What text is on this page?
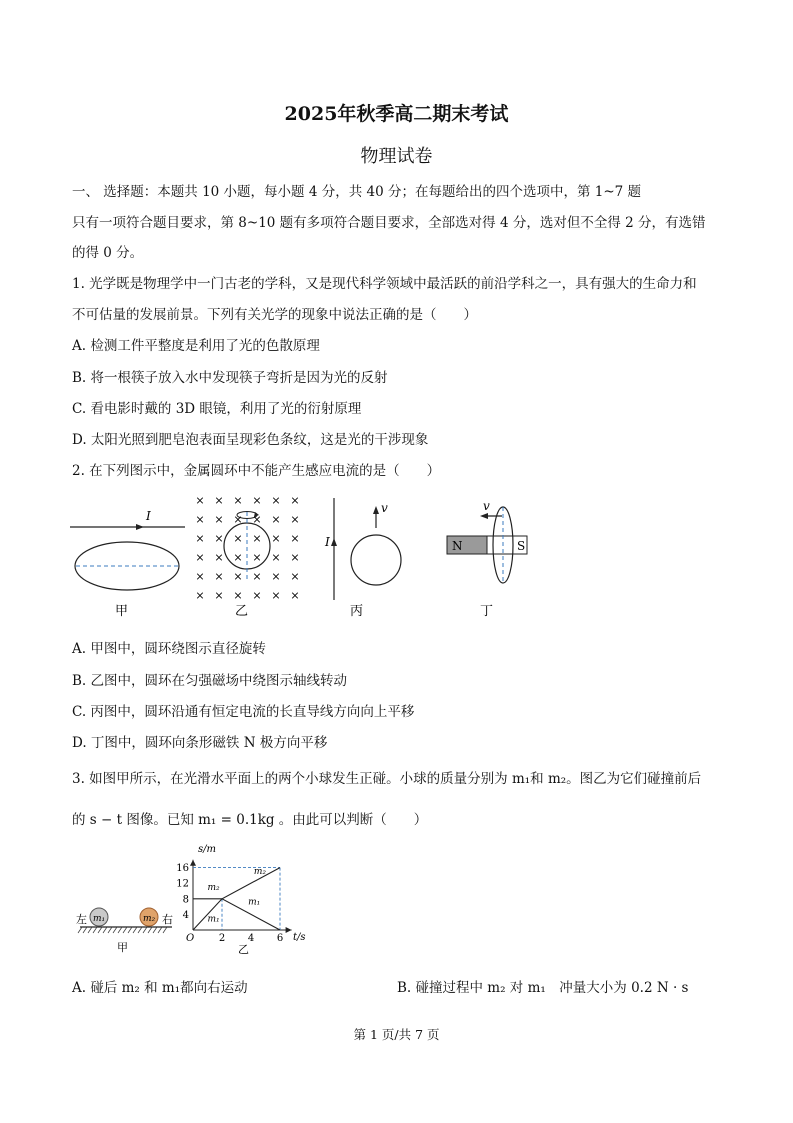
2025年秋季高二期末考试
物理试卷
一、 选择题：本题共 10 小题，每小题 4 分，共 40 分；在每题给出的四个选项中，第 1~7 题
只有一项符合题目要求，第 8~10 题有多项符合题目要求，全部选对得 4 分，选对但不全得 2 分，有选错
的得 0 分。
1. 光学既是物理学中一门古老的学科，又是现代科学领域中最活跃的前沿学科之一，具有强大的生命力和
不可估量的发展前景。下列有关光学的现象中说法正确的是（　　）
A. 检测工件平整度是利用了光的色散原理
B. 将一根筷子放入水中发现筷子弯折是因为光的反射
C. 看电影时戴的 3D 眼镜，利用了光的衍射原理
D. 太阳光照到肥皂泡表面呈现彩色条纹，这是光的干涉现象
2. 在下列图示中，金属圆环中不能产生感应电流的是（　　）
I
甲	乙
× × × × × ×
× × × × × ×
× × × × × ×
× × × × × ×
× × × × × ×
× × × × × ×
I
v
丙
N	S
v
丁
A. 甲图中，圆环绕图示直径旋转
B. 乙图中，圆环在匀强磁场中绕图示轴线转动
C. 丙图中，圆环沿通有恒定电流的长直导线方向向上平移
D. 丁图中，圆环向条形磁铁 N 极方向平移
3. 如图甲所示，在光滑水平面上的两个小球发生正碰。小球的质量分别为 m₁和 m₂。图乙为它们碰撞前后
的 s − t 图像。已知 m₁ = 0.1kg 。由此可以判断（　　）
左 m₁	m₂ 右
甲
s/m
t/s
O
乙
16
12
8
4
2 4 6
m₁
m₁
m₂
m₂
A. 碰后 m₂ 和 m₁都向右运动	B. 碰撞过程中 m₂ 对 m₁　冲量大小为 0.2 N · s
第 1 页/共 7 页
